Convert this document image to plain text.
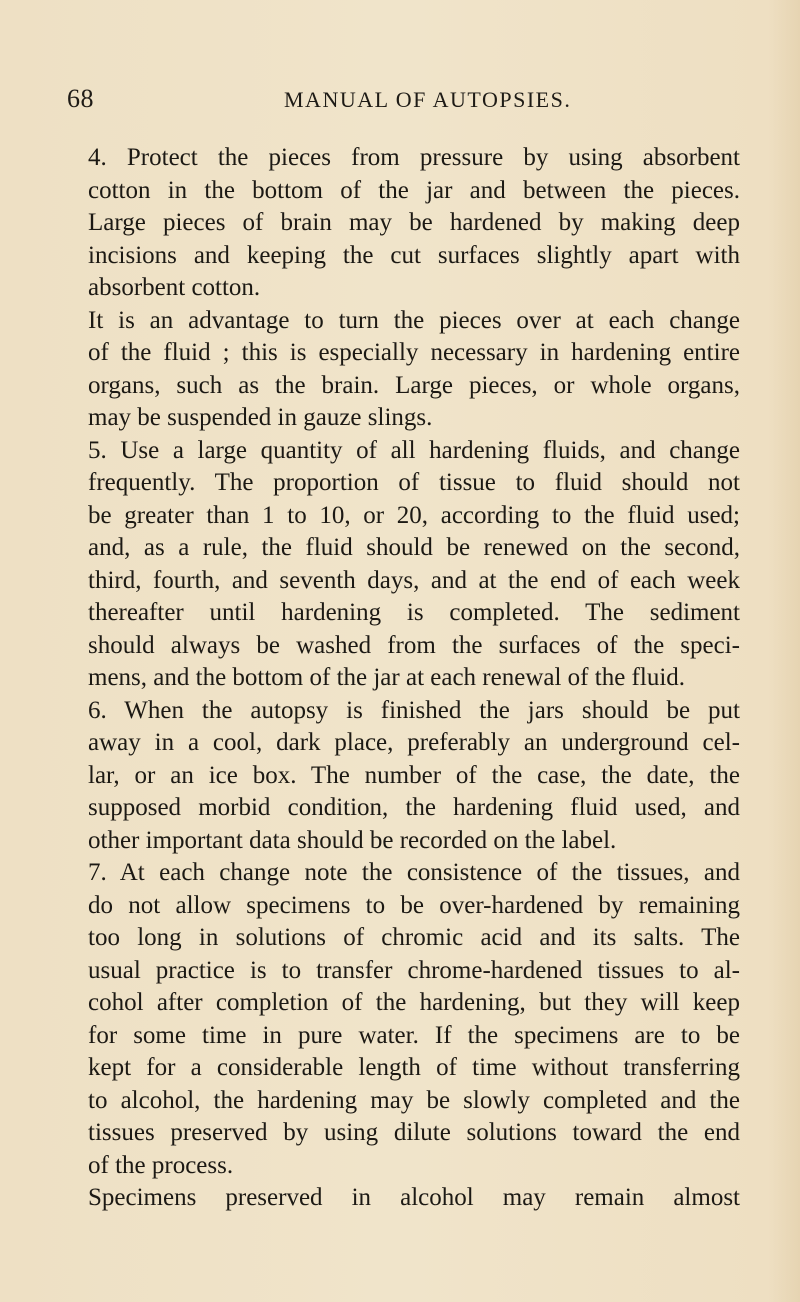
68	MANUAL OF AUTOPSIES.
4. Protect the pieces from pressure by using absorbent
cotton in the bottom of the jar and between the pieces.
Large pieces of brain may be hardened by making deep
incisions and keeping the cut surfaces slightly apart with
absorbent cotton.
It is an advantage to turn the pieces over at each change
of the fluid ; this is especially necessary in hardening entire
organs, such as the brain. Large pieces, or whole organs,
may be suspended in gauze slings.
5. Use a large quantity of all hardening fluids, and change
frequently. The proportion of tissue to fluid should not
be greater than 1 to 10, or 20, according to the fluid used;
and, as a rule, the fluid should be renewed on the second,
third, fourth, and seventh days, and at the end of each week
thereafter until hardening is completed. The sediment
should always be washed from the surfaces of the speci-
mens, and the bottom of the jar at each renewal of the fluid.
6. When the autopsy is finished the jars should be put
away in a cool, dark place, preferably an underground cel-
lar, or an ice box. The number of the case, the date, the
supposed morbid condition, the hardening fluid used, and
other important data should be recorded on the label.
7. At each change note the consistence of the tissues, and
do not allow specimens to be over-hardened by remaining
too long in solutions of chromic acid and its salts. The
usual practice is to transfer chrome-hardened tissues to al-
cohol after completion of the hardening, but they will keep
for some time in pure water. If the specimens are to be
kept for a considerable length of time without transferring
to alcohol, the hardening may be slowly completed and the
tissues preserved by using dilute solutions toward the end
of the process.
Specimens preserved in alcohol may remain almost
